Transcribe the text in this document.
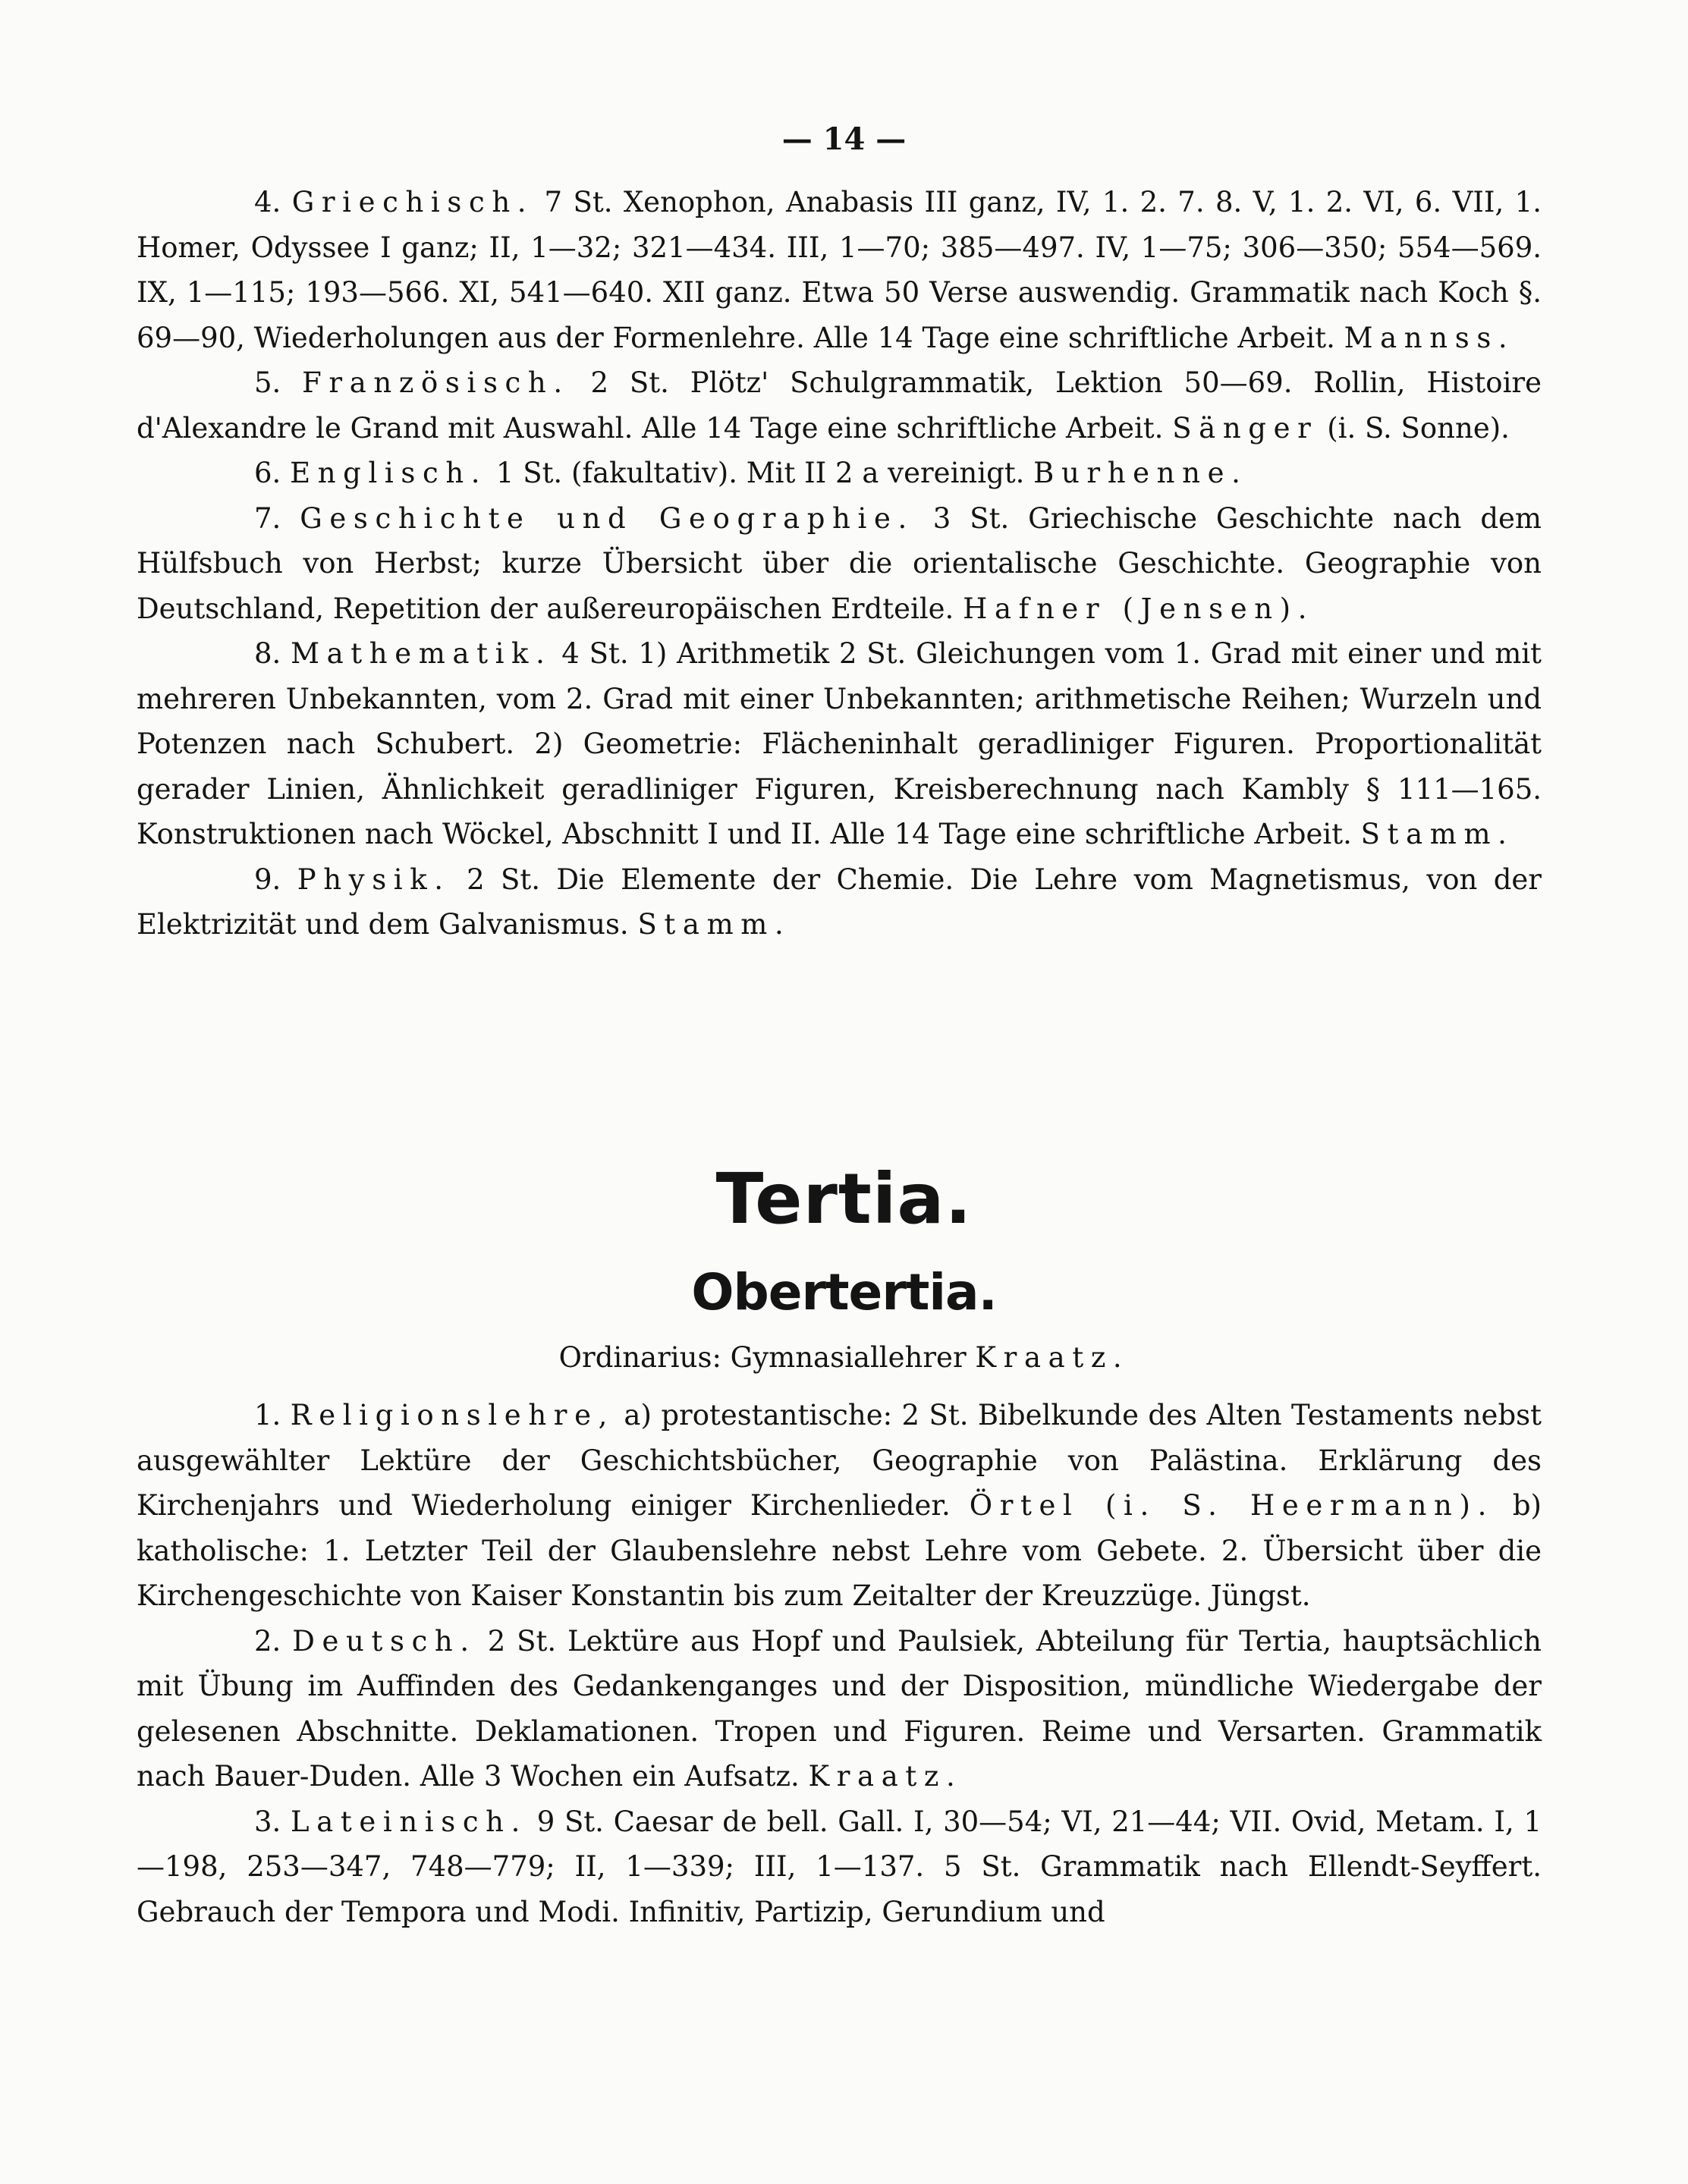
— 14 —

4. Griechisch. 7 St. Xenophon, Anabasis III ganz, IV, 1. 2. 7. 8. V, 1. 2. VI, 6. VII, 1. Homer, Odyssee I ganz; II, 1—32; 321—434. III, 1—70; 385—497. IV, 1—75; 306—350; 554—569. IX, 1—115; 193—566. XI, 541—640. XII ganz. Etwa 50 Verse auswendig. Grammatik nach Koch §. 69—90, Wiederholungen aus der Formenlehre. Alle 14 Tage eine schriftliche Arbeit. Mannss.

5. Französisch. 2 St. Plötz' Schulgrammatik, Lektion 50—69. Rollin, Histoire d'Alexandre le Grand mit Auswahl. Alle 14 Tage eine schriftliche Arbeit. Sänger (i. S. Sonne).

6. Englisch. 1 St. (fakultativ). Mit II 2 a vereinigt. Burhenne.

7. Geschichte und Geographie. 3 St. Griechische Geschichte nach dem Hülfsbuch von Herbst; kurze Übersicht über die orientalische Geschichte. Geographie von Deutschland, Repetition der außereuropäischen Erdteile. Hafner (Jensen).

8. Mathematik. 4 St. 1) Arithmetik 2 St. Gleichungen vom 1. Grad mit einer und mit mehreren Unbekannten, vom 2. Grad mit einer Unbekannten; arithmetische Reihen; Wurzeln und Potenzen nach Schubert. 2) Geometrie: Flächeninhalt geradliniger Figuren. Proportionalität gerader Linien, Ähnlichkeit geradliniger Figuren, Kreisberechnung nach Kambly § 111—165. Konstruktionen nach Wöckel, Abschnitt I und II. Alle 14 Tage eine schriftliche Arbeit. Stamm.

9. Physik. 2 St. Die Elemente der Chemie. Die Lehre vom Magnetismus, von der Elektrizität und dem Galvanismus. Stamm.

Tertia.
Obertertia.
Ordinarius: Gymnasiallehrer Kraatz.

1. Religionslehre, a) protestantische: 2 St. Bibelkunde des Alten Testaments nebst ausgewählter Lektüre der Geschichtsbücher, Geographie von Palästina. Erklärung des Kirchenjahrs und Wiederholung einiger Kirchenlieder. Örtel (i. S. Heermann). b) katholische: 1. Letzter Teil der Glaubenslehre nebst Lehre vom Gebete. 2. Übersicht über die Kirchengeschichte von Kaiser Konstantin bis zum Zeitalter der Kreuzzüge. Jüngst.

2. Deutsch. 2 St. Lektüre aus Hopf und Paulsiek, Abteilung für Tertia, hauptsächlich mit Übung im Auffinden des Gedankenganges und der Disposition, mündliche Wiedergabe der gelesenen Abschnitte. Deklamationen. Tropen und Figuren. Reime und Versarten. Grammatik nach Bauer-Duden. Alle 3 Wochen ein Aufsatz. Kraatz.

3. Lateinisch. 9 St. Caesar de bell. Gall. I, 30—54; VI, 21—44; VII. Ovid, Metam. I, 1—198, 253—347, 748—779; II, 1—339; III, 1—137. 5 St. Grammatik nach Ellendt-Seyffert. Gebrauch der Tempora und Modi. Infinitiv, Partizip, Gerundium und
